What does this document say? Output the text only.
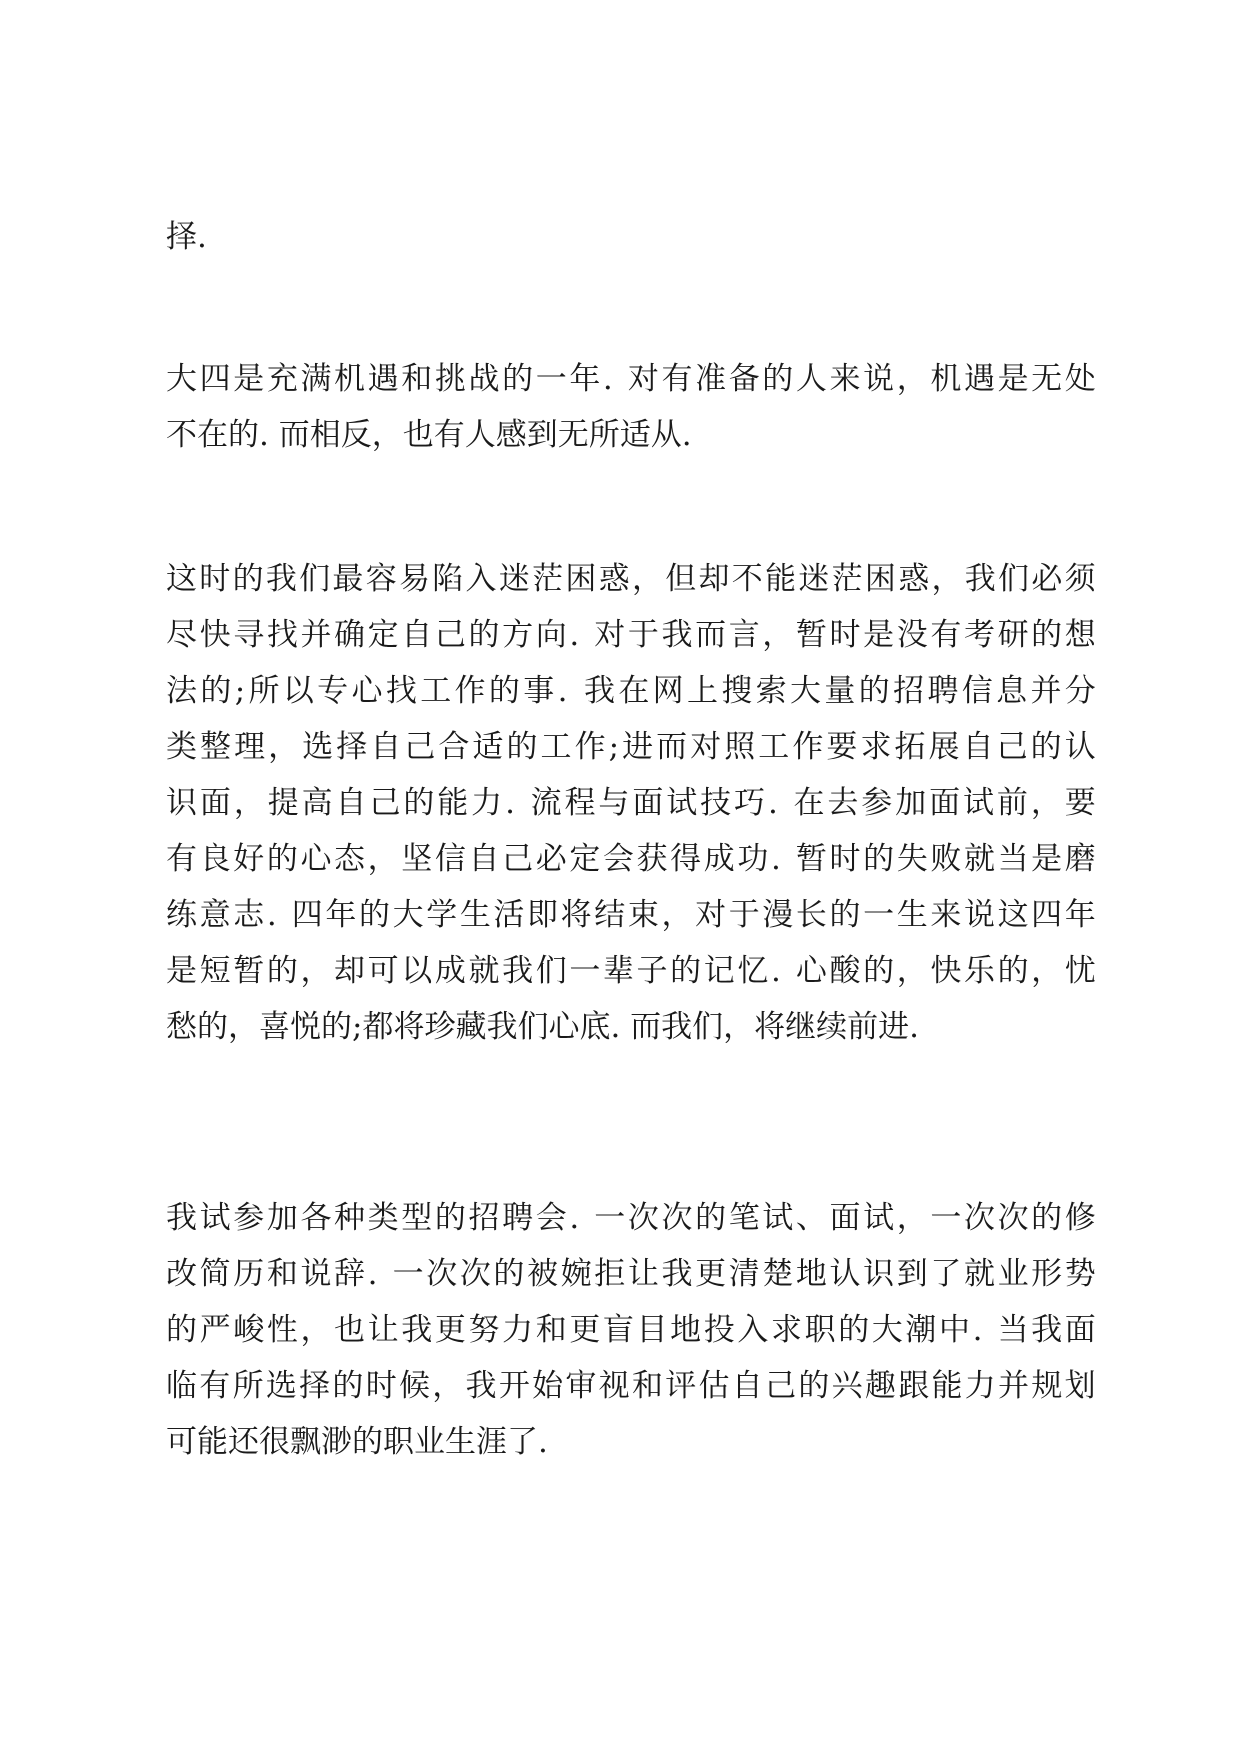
择.
大 四 是 充 满 机 遇 和 挑 战 的 一 年 .
对 有 准 备 的 人 来 说 ， 机 遇 是 无 处
不在的. 而相反，也有人感到无所适从.
这 时 的 我 们 最 容 易 陷 入 迷 茫 困 惑 ， 但 却 不 能 迷 茫 困 惑 ， 我 们 必 须
尽 快 寻 找 并 确 定 自 己 的 方 向 .
对 于 我 而 言 ， 暂 时 是 没 有 考 研 的 想
法 的 ; 所 以 专 心 找 工 作 的 事 .
我 在 网 上 搜 索 大 量 的 招 聘 信 息 并 分
类 整 理 ， 选 择 自 己 合 适 的 工 作 ; 进 而 对 照 工 作 要 求 拓 展 自 己 的 认
识 面 ， 提 高 自 己 的 能 力 .
流 程 与 面 试 技 巧 .
在 去 参 加 面 试 前 ， 要
有 良 好 的 心 态 ， 坚 信 自 己 必 定 会 获 得 成 功 .
暂 时 的 失 败 就 当 是 磨
练 意 志 .
四 年 的 大 学 生 活 即 将 结 束 ， 对 于 漫 长 的 一 生 来 说 这 四 年
是 短 暂 的 ， 却 可 以 成 就 我 们 一 辈 子 的 记 忆 .
心 酸 的 ， 快 乐 的 ， 忧
愁的，喜悦的;都将珍藏我们心底. 而我们，将继续前进.
我 试 参 加 各 种 类 型 的 招 聘 会 .
一 次 次 的 笔 试 、 面 试 ， 一 次 次 的 修
改 简 历 和 说 辞 .
一 次 次 的 被 婉 拒 让 我 更 清 楚 地 认 识 到 了 就 业 形 势
的 严 峻 性 ， 也 让 我 更 努 力 和 更 盲 目 地 投 入 求 职 的 大 潮 中 .
当 我 面
临 有 所 选 择 的 时 候 ， 我 开 始 审 视 和 评 估 自 己 的 兴 趣 跟 能 力 并 规 划
可能还很飘渺的职业生涯了.
